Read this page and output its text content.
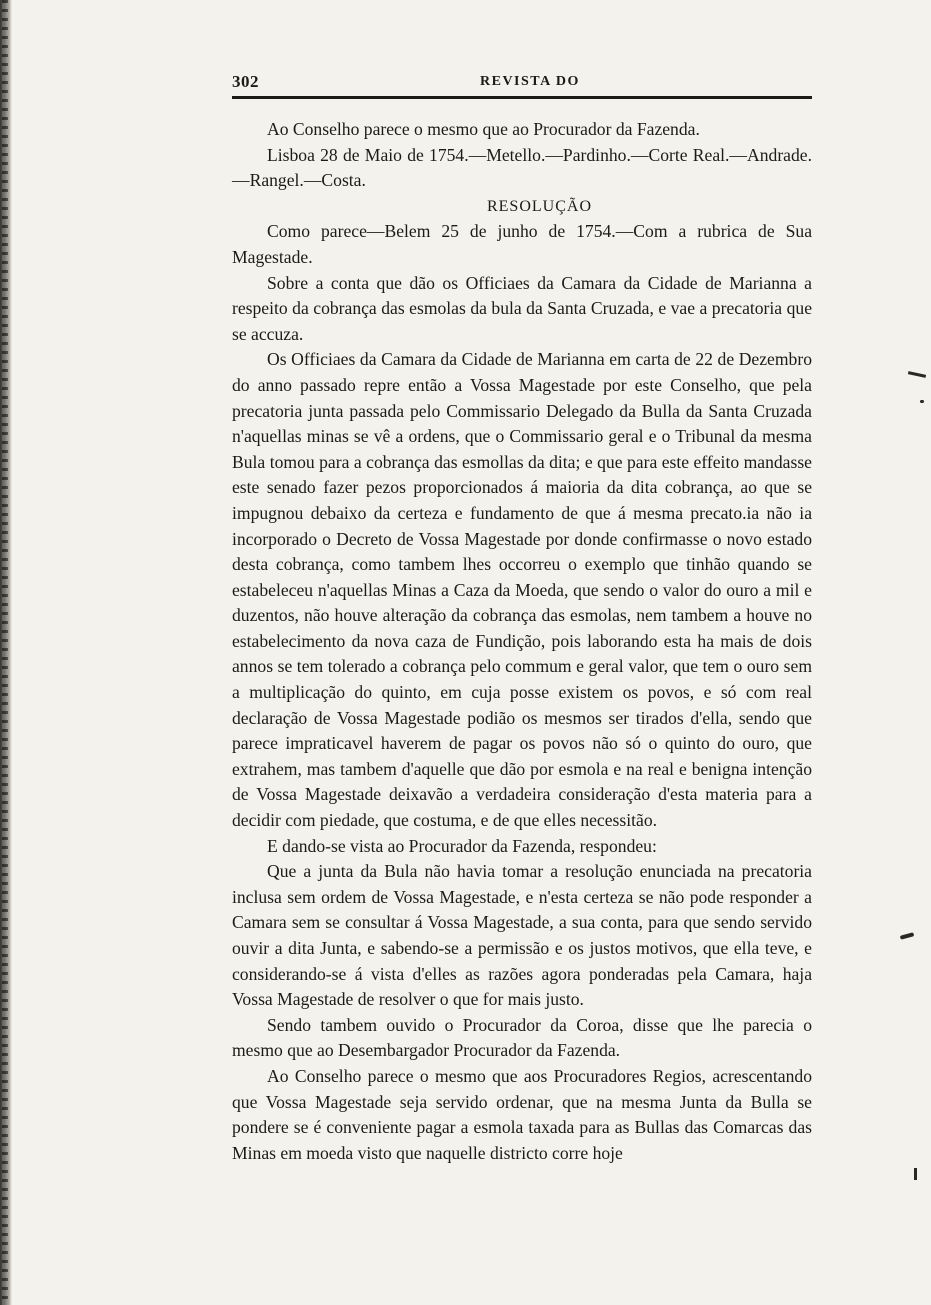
302	REVISTA DO

Ao Conselho parece o mesmo que ao Procurador da Fazenda.

Lisboa 28 de Maio de 1754.—Metello.—Pardinho.—Corte Real.—Andrade.—Rangel.—Costa.

RESOLUÇÃO

Como parece—Belem 25 de junho de 1754.—Com a rubrica de Sua Magestade.

Sobre a conta que dão os Officiaes da Camara da Cidade de Marianna a respeito da cobrança das esmolas da bula da Santa Cruzada, e vae a precatoria que se accuza.

Os Officiaes da Camara da Cidade de Marianna em carta de 22 de Dezembro do anno passado repre então a Vossa Magestade por este Conselho, que pela precatoria junta passada pelo Commissario Delegado da Bulla da Santa Cruzada n'aquellas minas se vê a ordens, que o Commissario geral e o Tribunal da mesma Bula tomou para a cobrança das esmollas da dita; e que para este effeito mandasse este senado fazer pezos proporcionados á maioria da dita cobrança, ao que se impugnou debaixo da certeza e fundamento de que á mesma precato.ia não ia incorporado o Decreto de Vossa Magestade por donde confirmasse o novo estado desta cobrança, como tambem lhes occorreu o exemplo que tinhão quando se estabeleceu n'aquellas Minas a Caza da Moeda, que sendo o valor do ouro a mil e duzentos, não houve alteração da cobrança das esmolas, nem tambem a houve no estabelecimento da nova caza de Fundição, pois laborando esta ha mais de dois annos se tem tolerado a cobrança pelo commum e geral valor, que tem o ouro sem a multiplicação do quinto, em cuja posse existem os povos, e só com real declaração de Vossa Magestade podião os mesmos ser tirados d'ella, sendo que parece impraticavel haverem de pagar os povos não só o quinto do ouro, que extrahem, mas tambem d'aquelle que dão por esmola e na real e benigna intenção de Vossa Magestade deixavão a verdadeira consideração d'esta materia para a decidir com piedade, que costuma, e de que elles necessitão.

E dando-se vista ao Procurador da Fazenda, respondeu:

Que a junta da Bula não havia tomar a resolução enunciada na precatoria inclusa sem ordem de Vossa Magestade, e n'esta certeza se não pode responder a Camara sem se consultar á Vossa Magestade, a sua conta, para que sendo servido ouvir a dita Junta, e sabendo-se a permissão e os justos motivos, que ella teve, e considerando-se á vista d'elles as razões agora ponderadas pela Camara, haja Vossa Magestade de resolver o que for mais justo.

Sendo tambem ouvido o Procurador da Coroa, disse que lhe parecia o mesmo que ao Desembargador Procurador da Fazenda.

Ao Conselho parece o mesmo que aos Procuradores Regios, acrescentando que Vossa Magestade seja servido ordenar, que na mesma Junta da Bulla se pondere se é conveniente pagar a esmola taxada para as Bullas das Comarcas das Minas em moeda visto que naquelle districto corre hoje
